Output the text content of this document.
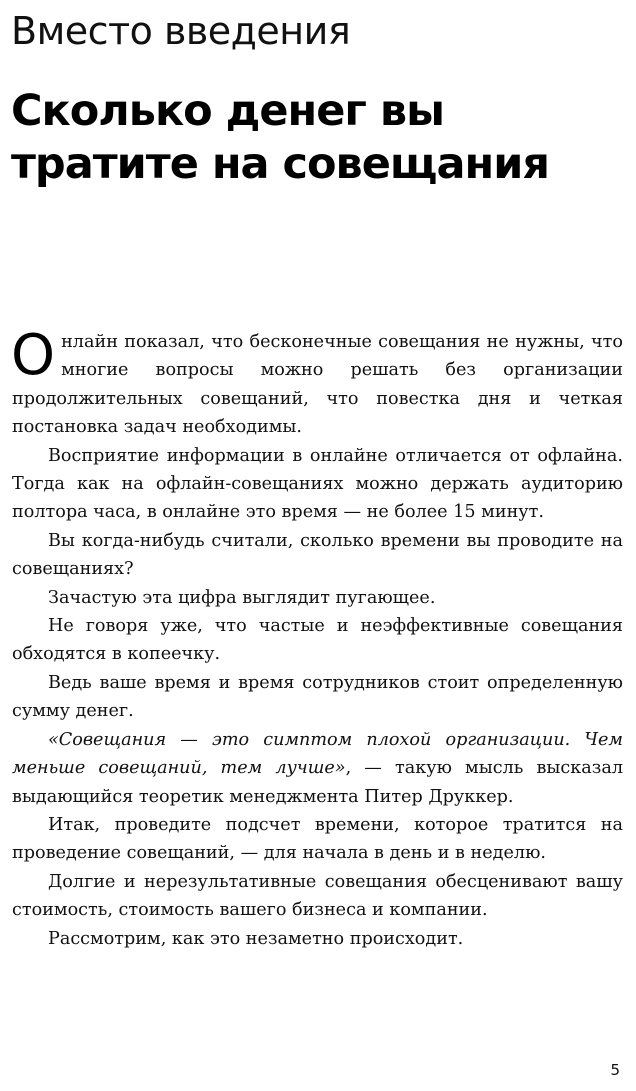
Вместо введения
Сколько денег вы тратите на совещания

Онлайн показал, что бесконечные совещания не нужны, что многие вопросы можно решать без организации продолжительных совещаний, что повестка дня и четкая постановка задач необходимы.

Восприятие информации в онлайне отличается от офлайна. Тогда как на офлайн-совещаниях можно держать аудиторию полтора часа, в онлайне это время — не более 15 минут.

Вы когда-нибудь считали, сколько времени вы проводите на совещаниях?

Зачастую эта цифра выглядит пугающее.

Не говоря уже, что частые и неэффективные совещания обходятся в копеечку.

Ведь ваше время и время сотрудников стоит определенную сумму денег.

«Совещания — это симптом плохой организации. Чем меньше совещаний, тем лучше», — такую мысль высказал выдающийся теоретик менеджмента Питер Друккер.

Итак, проведите подсчет времени, которое тратится на проведение совещаний, — для начала в день и в неделю.

Долгие и нерезультативные совещания обесценивают вашу стоимость, стоимость вашего бизнеса и компании.

Рассмотрим, как это незаметно происходит.

5
